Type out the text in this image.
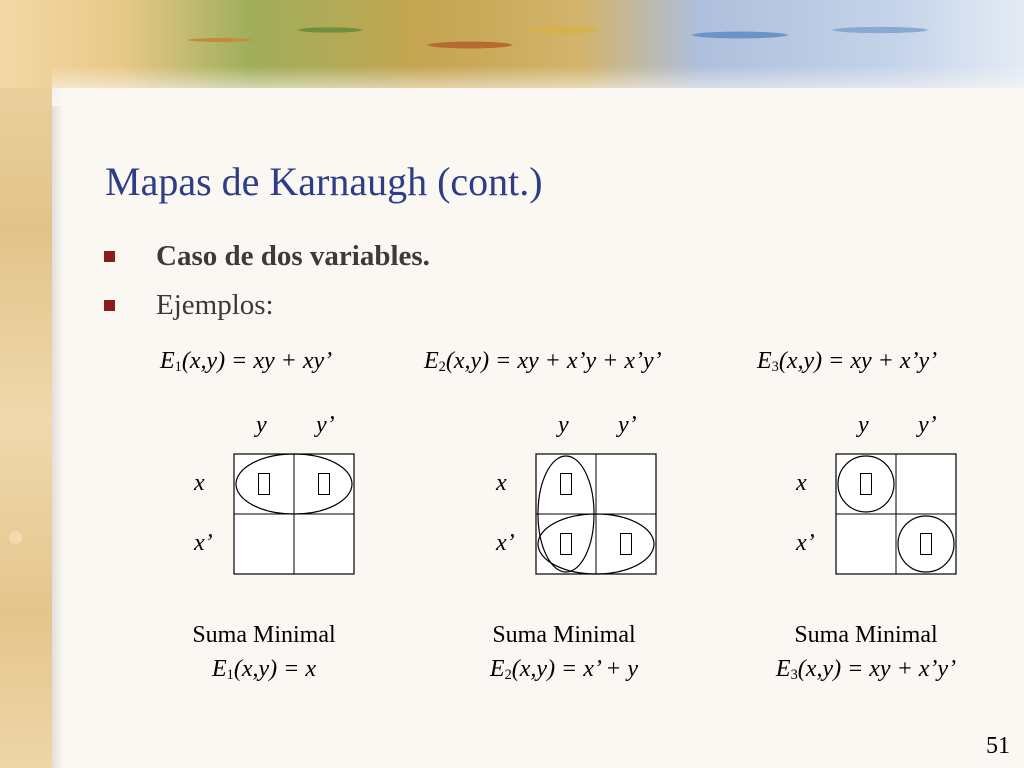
Mapas de Karnaugh (cont.)
Caso de dos variables.
Ejemplos:
$E_1(x,y)$ = xy + xy’	$E_2(x,y)$ = xy + x’y + x’y’	$E_3(x,y)$ = xy + x’y’
y y’
x
x’
y y’
x
x’
y y’
x
x’
Suma Minimal
$E_1(x,y) = x$
Suma Minimal
$E_2(x,y) = x$’ + y
Suma Minimal
$E_3(x,y)$ = xy + x’y’
51
